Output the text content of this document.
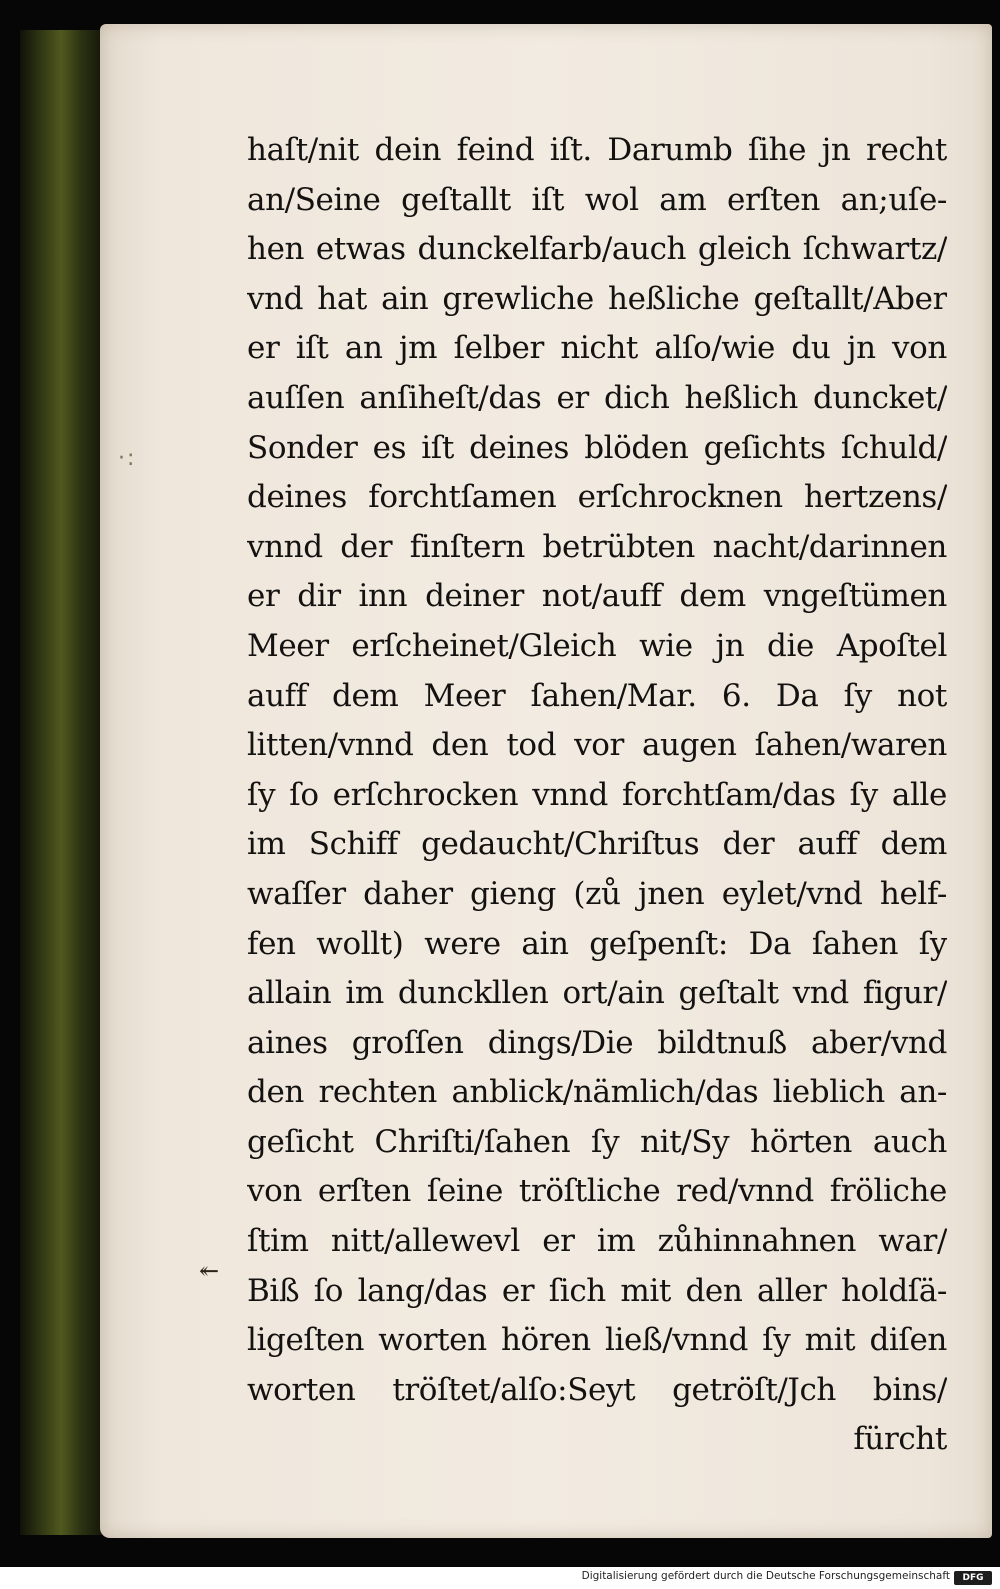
·:
haſt/nit dein feind iſt. Darumb ſihe jn recht
an/Seine geſtallt iſt wol am erſten an;uſe-
hen etwas dunckelfarb/auch gleich ſchwartz/
vnd hat ain grewliche heßliche geſtallt/Aber
er iſt an jm ſelber nicht alſo/wie du jn von
auſſen anſiheſt/das er dich heßlich duncket/
Sonder es iſt deines blöden geſichts ſchuld/
deines forchtſamen erſchrocknen hertzens/
vnnd der finſtern betrübten nacht/darinnen
er dir inn deiner not/auff dem vngeſtümen
Meer erſcheinet/Gleich wie jn die Apoſtel
auff dem Meer ſahen/Mar. 6. Da ſy not
litten/vnnd den tod vor augen ſahen/waren
ſy ſo erſchrocken vnnd forchtſam/das ſy alle
im Schiff gedaucht/Chriſtus der auff dem
waſſer daher gieng (zů jnen eylet/vnd helf-
fen wollt) were ain geſpenſt: Da ſahen ſy
allain im dunckllen ort/ain geſtalt vnd figur/
aines groſſen dings/Die bildtnuß aber/vnd
den rechten anblick/nämlich/das lieblich an-
geſicht Chriſti/ſahen ſy nit/Sy hörten auch
von erſten ſeine tröſtliche red/vnnd fröliche
ſtim nitt/allewevl er im zůhinnahnen war/
Biß ſo lang/das er ſich mit den aller holdſä-
ligeſten worten hören ließ/vnnd ſy mit diſen
worten tröſtet/alſo:Seyt getröſt/Jch bins/
fürcht
↞
Digitalisierung gefördert durch die Deutsche Forschungsgemeinschaft	DFG
